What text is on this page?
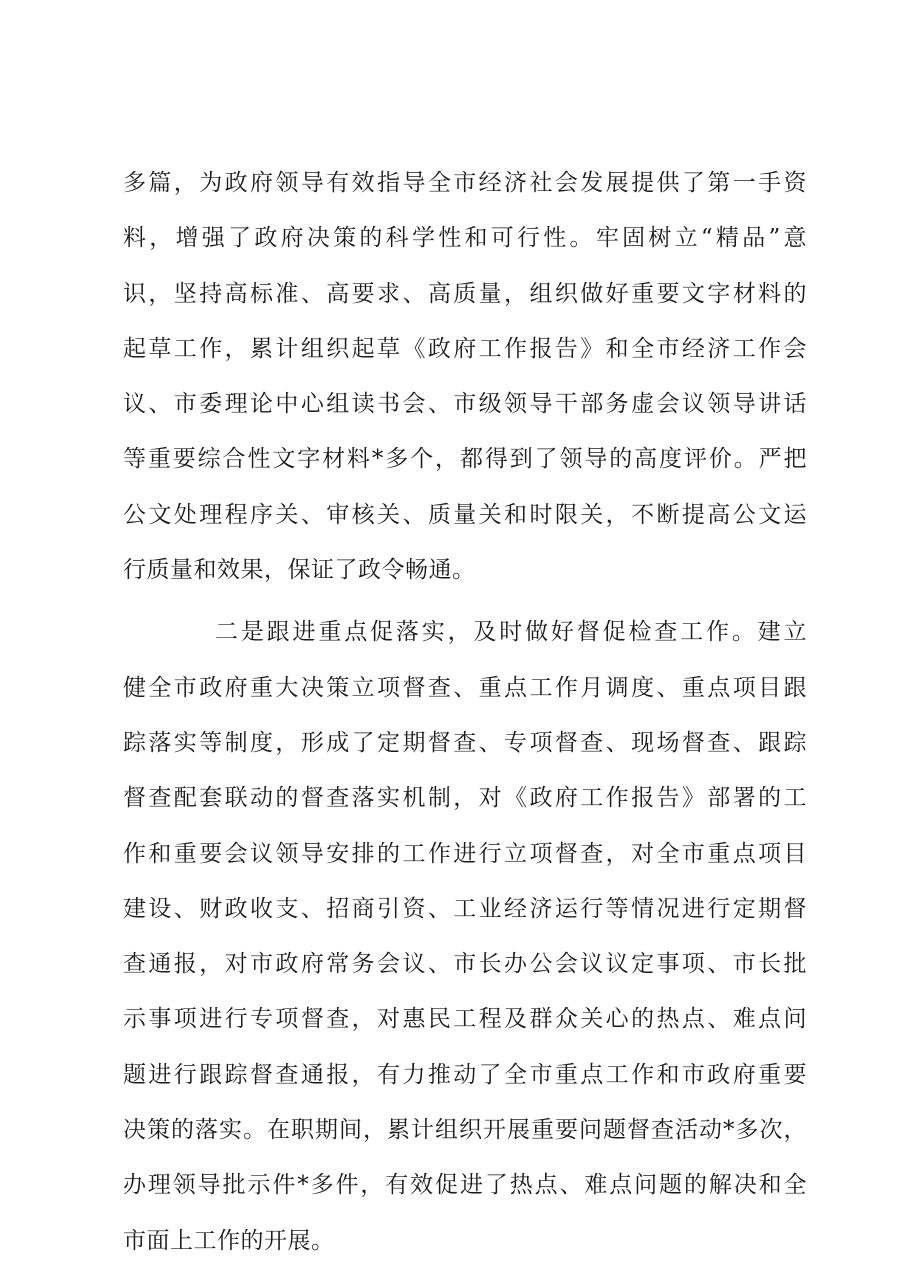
多篇，为政府领导有效指导全市经济社会发展提供了第一手资
料，增强了政府决策的科学性和可行性。牢固树立“精品”意
识，坚持高标准、高要求、高质量，组织做好重要文字材料的
起草工作，累计组织起草《政府工作报告》和全市经济工作会
议、市委理论中心组读书会、市级领导干部务虚会议领导讲话
等重要综合性文字材料*多个，都得到了领导的高度评价。严把
公文处理程序关、审核关、质量关和时限关，不断提高公文运
行质量和效果，保证了政令畅通。
二是跟进重点促落实，及时做好督促检查工作。建立
健全市政府重大决策立项督查、重点工作月调度、重点项目跟
踪落实等制度，形成了定期督查、专项督查、现场督查、跟踪
督查配套联动的督查落实机制，对《政府工作报告》部署的工
作和重要会议领导安排的工作进行立项督查，对全市重点项目
建设、财政收支、招商引资、工业经济运行等情况进行定期督
查通报，对市政府常务会议、市长办公会议议定事项、市长批
示事项进行专项督查，对惠民工程及群众关心的热点、难点问
题进行跟踪督查通报，有力推动了全市重点工作和市政府重要
决策的落实。在职期间，累计组织开展重要问题督查活动*多次，
办理领导批示件*多件，有效促进了热点、难点问题的解决和全
市面上工作的开展。
